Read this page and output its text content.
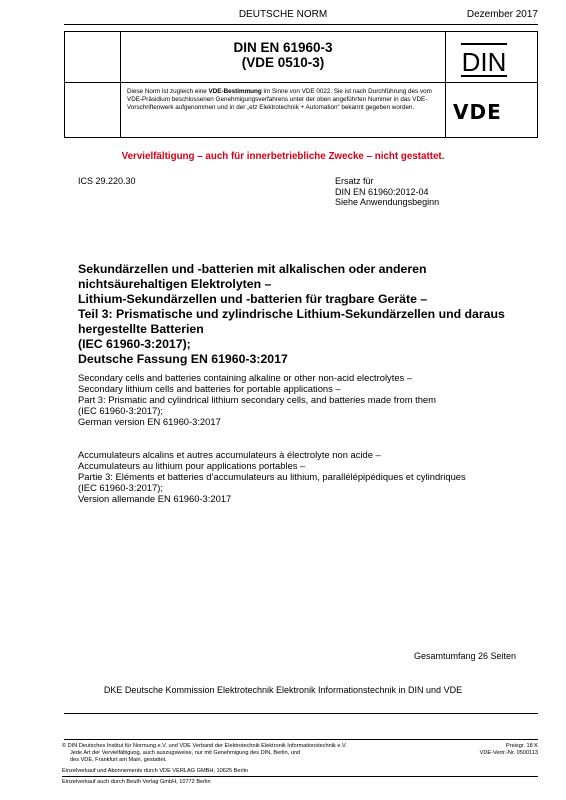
DEUTSCHE NORM	Dezember 2017
DIN EN 61960-3
(VDE 0510-3)	DIN
Diese Norm ist zugleich eine VDE-Bestimmung im Sinne von VDE 0022. Sie ist nach Durchführung des vom VDE-Präsidium beschlossenen Genehmigungsverfahrens unter der oben angeführten Nummer in das VDE-Vorschriftenwerk aufgenommen und in der „etz Elektrotechnik + Automation“ bekannt gegeben worden.	VDE
Vervielfältigung – auch für innerbetriebliche Zwecke – nicht gestattet.
ICS 29.220.30	Ersatz für
DIN EN 61960:2012-04
Siehe Anwendungsbeginn
Sekundärzellen und -batterien mit alkalischen oder anderen
nichtsäurehaltigen Elektrolyten –
Lithium-Sekundärzellen und -batterien für tragbare Geräte –
Teil 3: Prismatische und zylindrische Lithium-Sekundärzellen und daraus
hergestellte Batterien
(IEC 61960-3:2017);
Deutsche Fassung EN 61960-3:2017
Secondary cells and batteries containing alkaline or other non-acid electrolytes –
Secondary lithium cells and batteries for portable applications –
Part 3: Prismatic and cylindrical lithium secondary cells, and batteries made from them
(IEC 61960-3:2017);
German version EN 61960-3:2017
Accumulateurs alcalins et autres accumulateurs à électrolyte non acide –
Accumulateurs au lithium pour applications portables –
Partie 3: Eléments et batteries d’accumulateurs au lithium, parallélépipédiques et cylindriques
(IEC 61960-3:2017);
Version allemande EN 61960-3:2017
Gesamtumfang 26 Seiten
DKE Deutsche Kommission Elektrotechnik Elektronik Informationstechnik in DIN und VDE
© DIN Deutsches Institut für Normung e.V. und VDE Verband der Elektrotechnik Elektronik Informationstechnik e.V.
Jede Art der Vervielfältigung, auch auszugsweise, nur mit Genehmigung des DIN, Berlin, und
des VDE, Frankfurt am Main, gestattet.
Preisgr. 18 K
VDE-Vertr.-Nr. 0500113
Einzelverkauf und Abonnements durch VDE VERLAG GMBH, 10625 Berlin
Einzelverkauf auch durch Beuth Verlag GmbH, 10772 Berlin
